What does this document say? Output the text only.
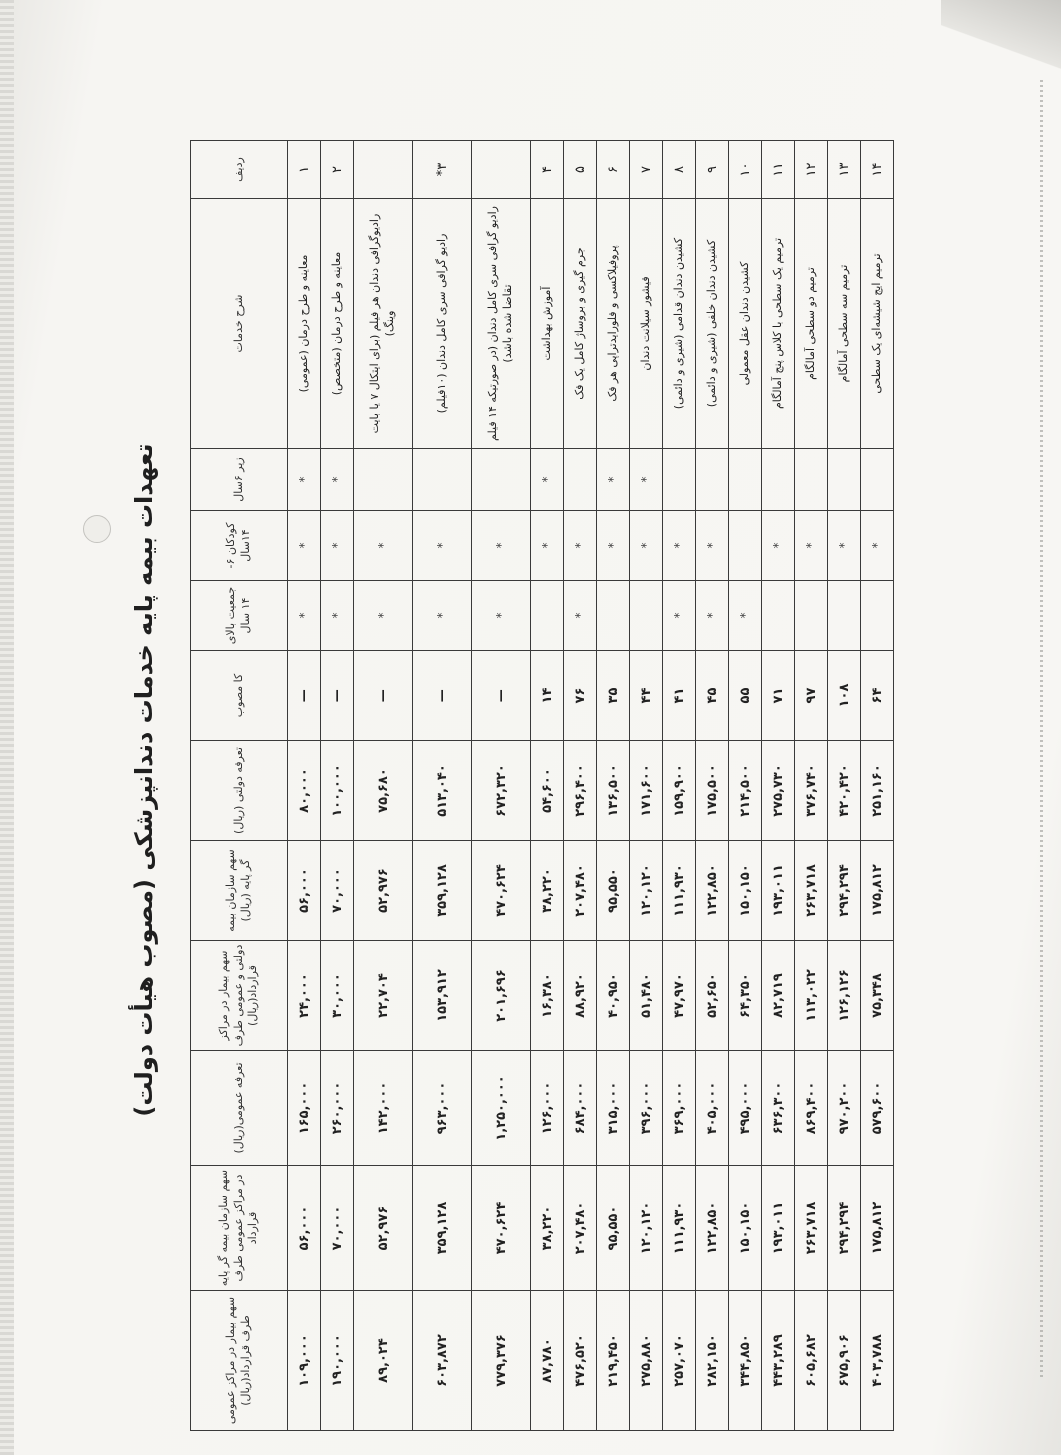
تعهدات بیمه پایه خدمات دندانپزشکی (مصوب هیأت دولت)
ردیف	شرح خدمات	زیر ۶سال	کودکان ۶- ۱۴سال	جمعیت بالای ۱۴ سال	کا مصوب	تعرفه دولتی (ریال)	سهم سازمان بیمه گر پایه (ریال)	سهم بیمار در مراکز دولتی و عمومی طرف قرارداد(ریال)	تعرفه عمومی(ریال)	سهم سازمان بیمه گر پایه در مراکز عمومی طرف قرارداد	سهم بیمار در مراکز عمومی طرف قرارداد(ریال)
۱	معاینه و طرح درمان (عمومی)	*	*	*	—	۸۰,۰۰۰	۵۶,۰۰۰	۲۴,۰۰۰	۱۶۵,۰۰۰	۵۶,۰۰۰	۱۰۹,۰۰۰
۲	معاینه و طرح درمان (متخصص)	*	*	*	—	۱۰۰,۰۰۰	۷۰,۰۰۰	۳۰,۰۰۰	۲۶۰,۰۰۰	۷۰,۰۰۰	۱۹۰,۰۰۰
	رادیوگرافی دندان هر فیلم (برای ایتکال ۷ یا بایت وینگ)		*	*	—	۷۵,۶۸۰	۵۲,۹۷۶	۲۲,۷۰۴	۱۴۲,۰۰۰	۵۲,۹۷۶	۸۹,۰۲۴
۳*	رادیو گرافی سری کامل دندان (۱۰فیلم)		*	*	—	۵۱۳,۰۴۰	۳۵۹,۱۲۸	۱۵۳,۹۱۲	۹۶۳,۰۰۰	۳۵۹,۱۲۸	۶۰۳,۸۷۲
	رادیو گرافی سری کامل دندان (در صورتیکه ۱۴ فیلم تقاضا شده باشد)		*	*	—	۶۷۲,۳۲۰	۴۷۰,۶۲۴	۲۰۱,۶۹۶	۱,۲۵۰,۰۰۰	۴۷۰,۶۲۴	۷۷۹,۳۷۶
۴	آموزش بهداشت	*	*		۱۴	۵۴,۶۰۰	۳۸,۲۲۰	۱۶,۳۸۰	۱۲۶,۰۰۰	۳۸,۲۲۰	۸۷,۷۸۰
۵	جرم گیری و بروساژ کامل یک فک		*	*	۷۶	۲۹۶,۴۰۰	۲۰۷,۴۸۰	۸۸,۹۲۰	۶۸۴,۰۰۰	۲۰۷,۴۸۰	۴۷۶,۵۲۰
۶	پروفیلاکسی و فلورایدتراپی هر فک	*	*		۳۵	۱۳۶,۵۰۰	۹۵,۵۵۰	۴۰,۹۵۰	۳۱۵,۰۰۰	۹۵,۵۵۰	۲۱۹,۴۵۰
۷	فیشور سیلانت دندان	*	*		۴۴	۱۷۱,۶۰۰	۱۲۰,۱۲۰	۵۱,۴۸۰	۳۹۶,۰۰۰	۱۲۰,۱۲۰	۲۷۵,۸۸۰
۸	کشیدن دندان قدامی (شیری و دائمی)		*	*	۴۱	۱۵۹,۹۰۰	۱۱۱,۹۳۰	۴۷,۹۷۰	۳۶۹,۰۰۰	۱۱۱,۹۳۰	۲۵۷,۰۷۰
۹	کشیدن دندان خلفی (شیری و دائمی)		*	*	۴۵	۱۷۵,۵۰۰	۱۲۲,۸۵۰	۵۲,۶۵۰	۴۰۵,۰۰۰	۱۲۲,۸۵۰	۲۸۲,۱۵۰
۱۰	کشیدن دندان عقل معمولی			*	۵۵	۲۱۴,۵۰۰	۱۵۰,۱۵۰	۶۴,۳۵۰	۴۹۵,۰۰۰	۱۵۰,۱۵۰	۳۴۴,۸۵۰
۱۱	ترمیم یک سطحی با کلاس پنج آمالگام		*		۷۱	۲۷۵,۷۳۰	۱۹۳,۰۱۱	۸۲,۷۱۹	۶۳۶,۳۰۰	۱۹۳,۰۱۱	۴۴۳,۲۸۹
۱۲	ترمیم دو سطحی آمالگام		*		۹۷	۳۷۶,۷۴۰	۲۶۳,۷۱۸	۱۱۳,۰۲۲	۸۶۹,۴۰۰	۲۶۳,۷۱۸	۶۰۵,۶۸۲
۱۳	ترمیم سه سطحی آمالگام		*		۱۰۸	۴۲۰,۴۲۰	۲۹۴,۲۹۴	۱۲۶,۱۲۶	۹۷۰,۲۰۰	۲۹۴,۲۹۴	۶۷۵,۹۰۶
۱۴	ترمیم ایج شیشه‌ای یک سطحی		*		۶۴	۲۵۱,۱۶۰	۱۷۵,۸۱۲	۷۵,۳۴۸	۵۷۹,۶۰۰	۱۷۵,۸۱۲	۴۰۳,۷۸۸
